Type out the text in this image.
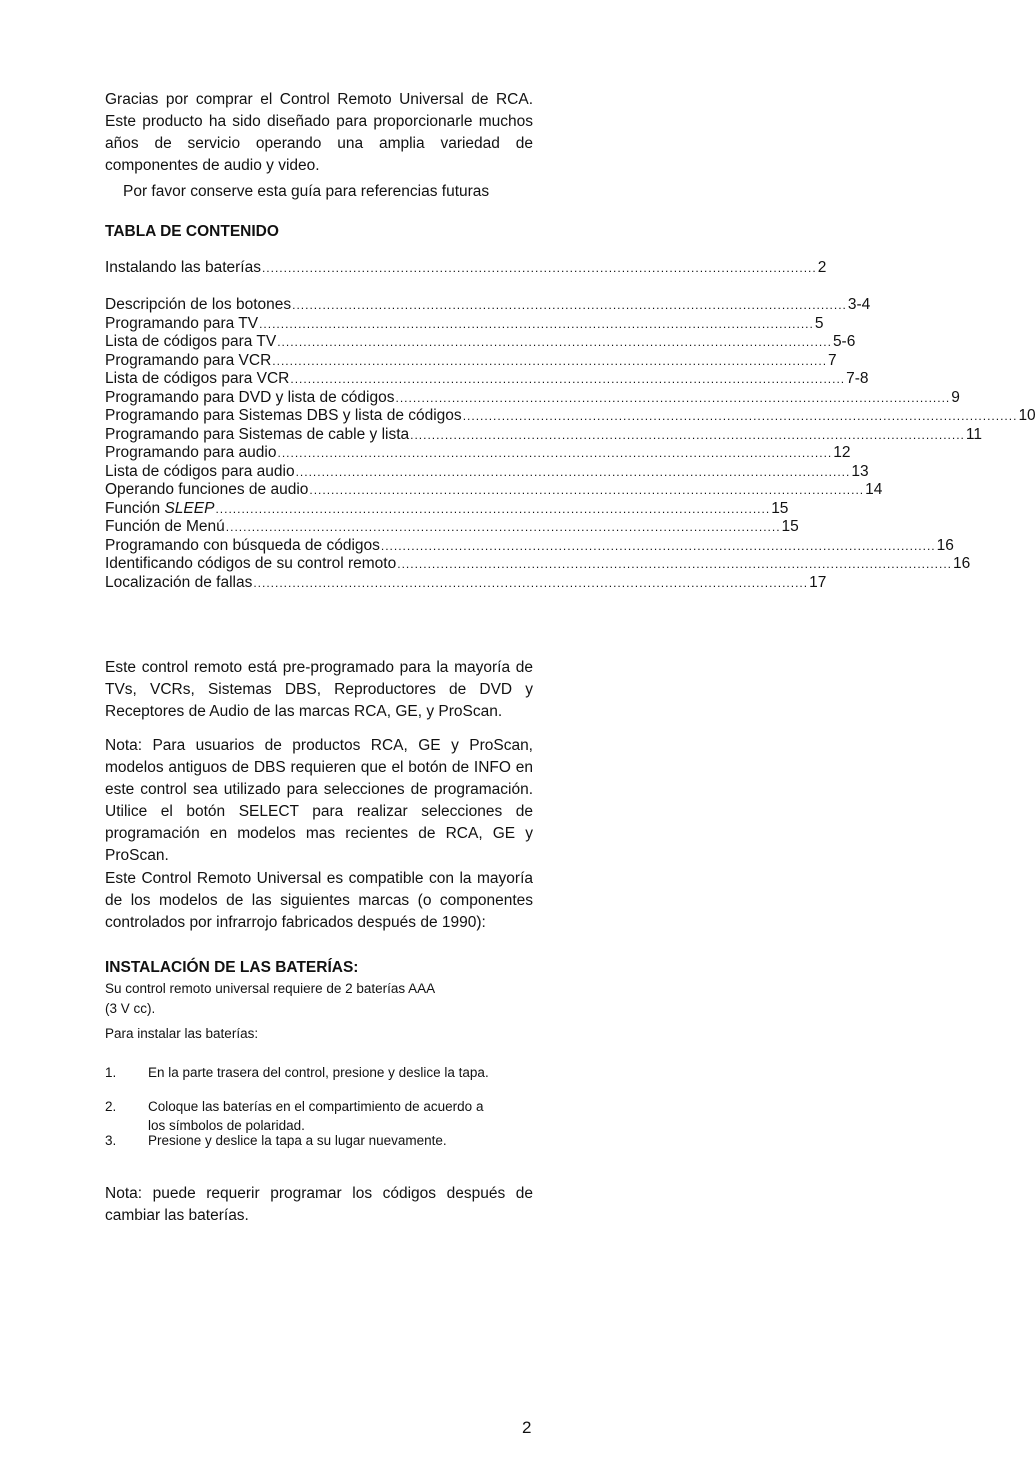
Gracias por comprar el Control Remoto Universal de RCA. Este producto ha sido diseñado para proporcionarle muchos años de servicio operando una amplia variedad de componentes de audio y video.

Por favor conserve esta guía para referencias futuras
TABLA DE CONTENIDO
Instalando las baterías ................................................................................................................................ 2
Descripción de los botones ................................................................................................................................ 3-4
Programando para TV ................................................................................................................................ 5
Lista de códigos para TV ................................................................................................................................ 5-6
Programando para VCR ................................................................................................................................ 7
Lista de códigos para VCR ................................................................................................................................ 7-8
Programando para DVD y lista de códigos ................................................................................................................................ 9
Programando para Sistemas DBS y lista de códigos ................................................................................................................................ 10
Programando para Sistemas de cable y lista ................................................................................................................................ 11
Programando para audio ................................................................................................................................ 12
Lista de códigos para audio ................................................................................................................................ 13
Operando funciones de audio ................................................................................................................................ 14
Función SLEEP ................................................................................................................................ 15
Función de Menú ................................................................................................................................ 15
Programando con búsqueda de códigos ................................................................................................................................ 16
Identificando códigos de su control remoto ................................................................................................................................ 16
Localización de fallas ................................................................................................................................ 17

Este control remoto está pre-programado para la mayoría de TVs, VCRs, Sistemas DBS, Reproductores de DVD y Receptores de Audio de las marcas RCA, GE, y ProScan.

Nota: Para usuarios de productos RCA, GE y ProScan, modelos antiguos de DBS requieren que el botón de INFO en este control sea utilizado para selecciones de programación. Utilice el botón SELECT para realizar selecciones de programación en modelos mas recientes de RCA, GE y ProScan.

Este Control Remoto Universal es compatible con la mayoría de los modelos de las siguientes marcas (o componentes controlados por infrarrojo fabricados después de 1990):

INSTALACIÓN DE LAS BATERÍAS:
Su control remoto universal requiere de 2 baterías AAA
(3 V cc).
Para instalar las baterías:
1. En la parte trasera del control, presione y deslice la tapa.
2. Coloque las baterías en el compartimiento de acuerdo a
los símbolos de polaridad.
3. Presione y deslice la tapa a su lugar nuevamente.

Nota: puede requerir programar los códigos después de cambiar las baterías.

2
